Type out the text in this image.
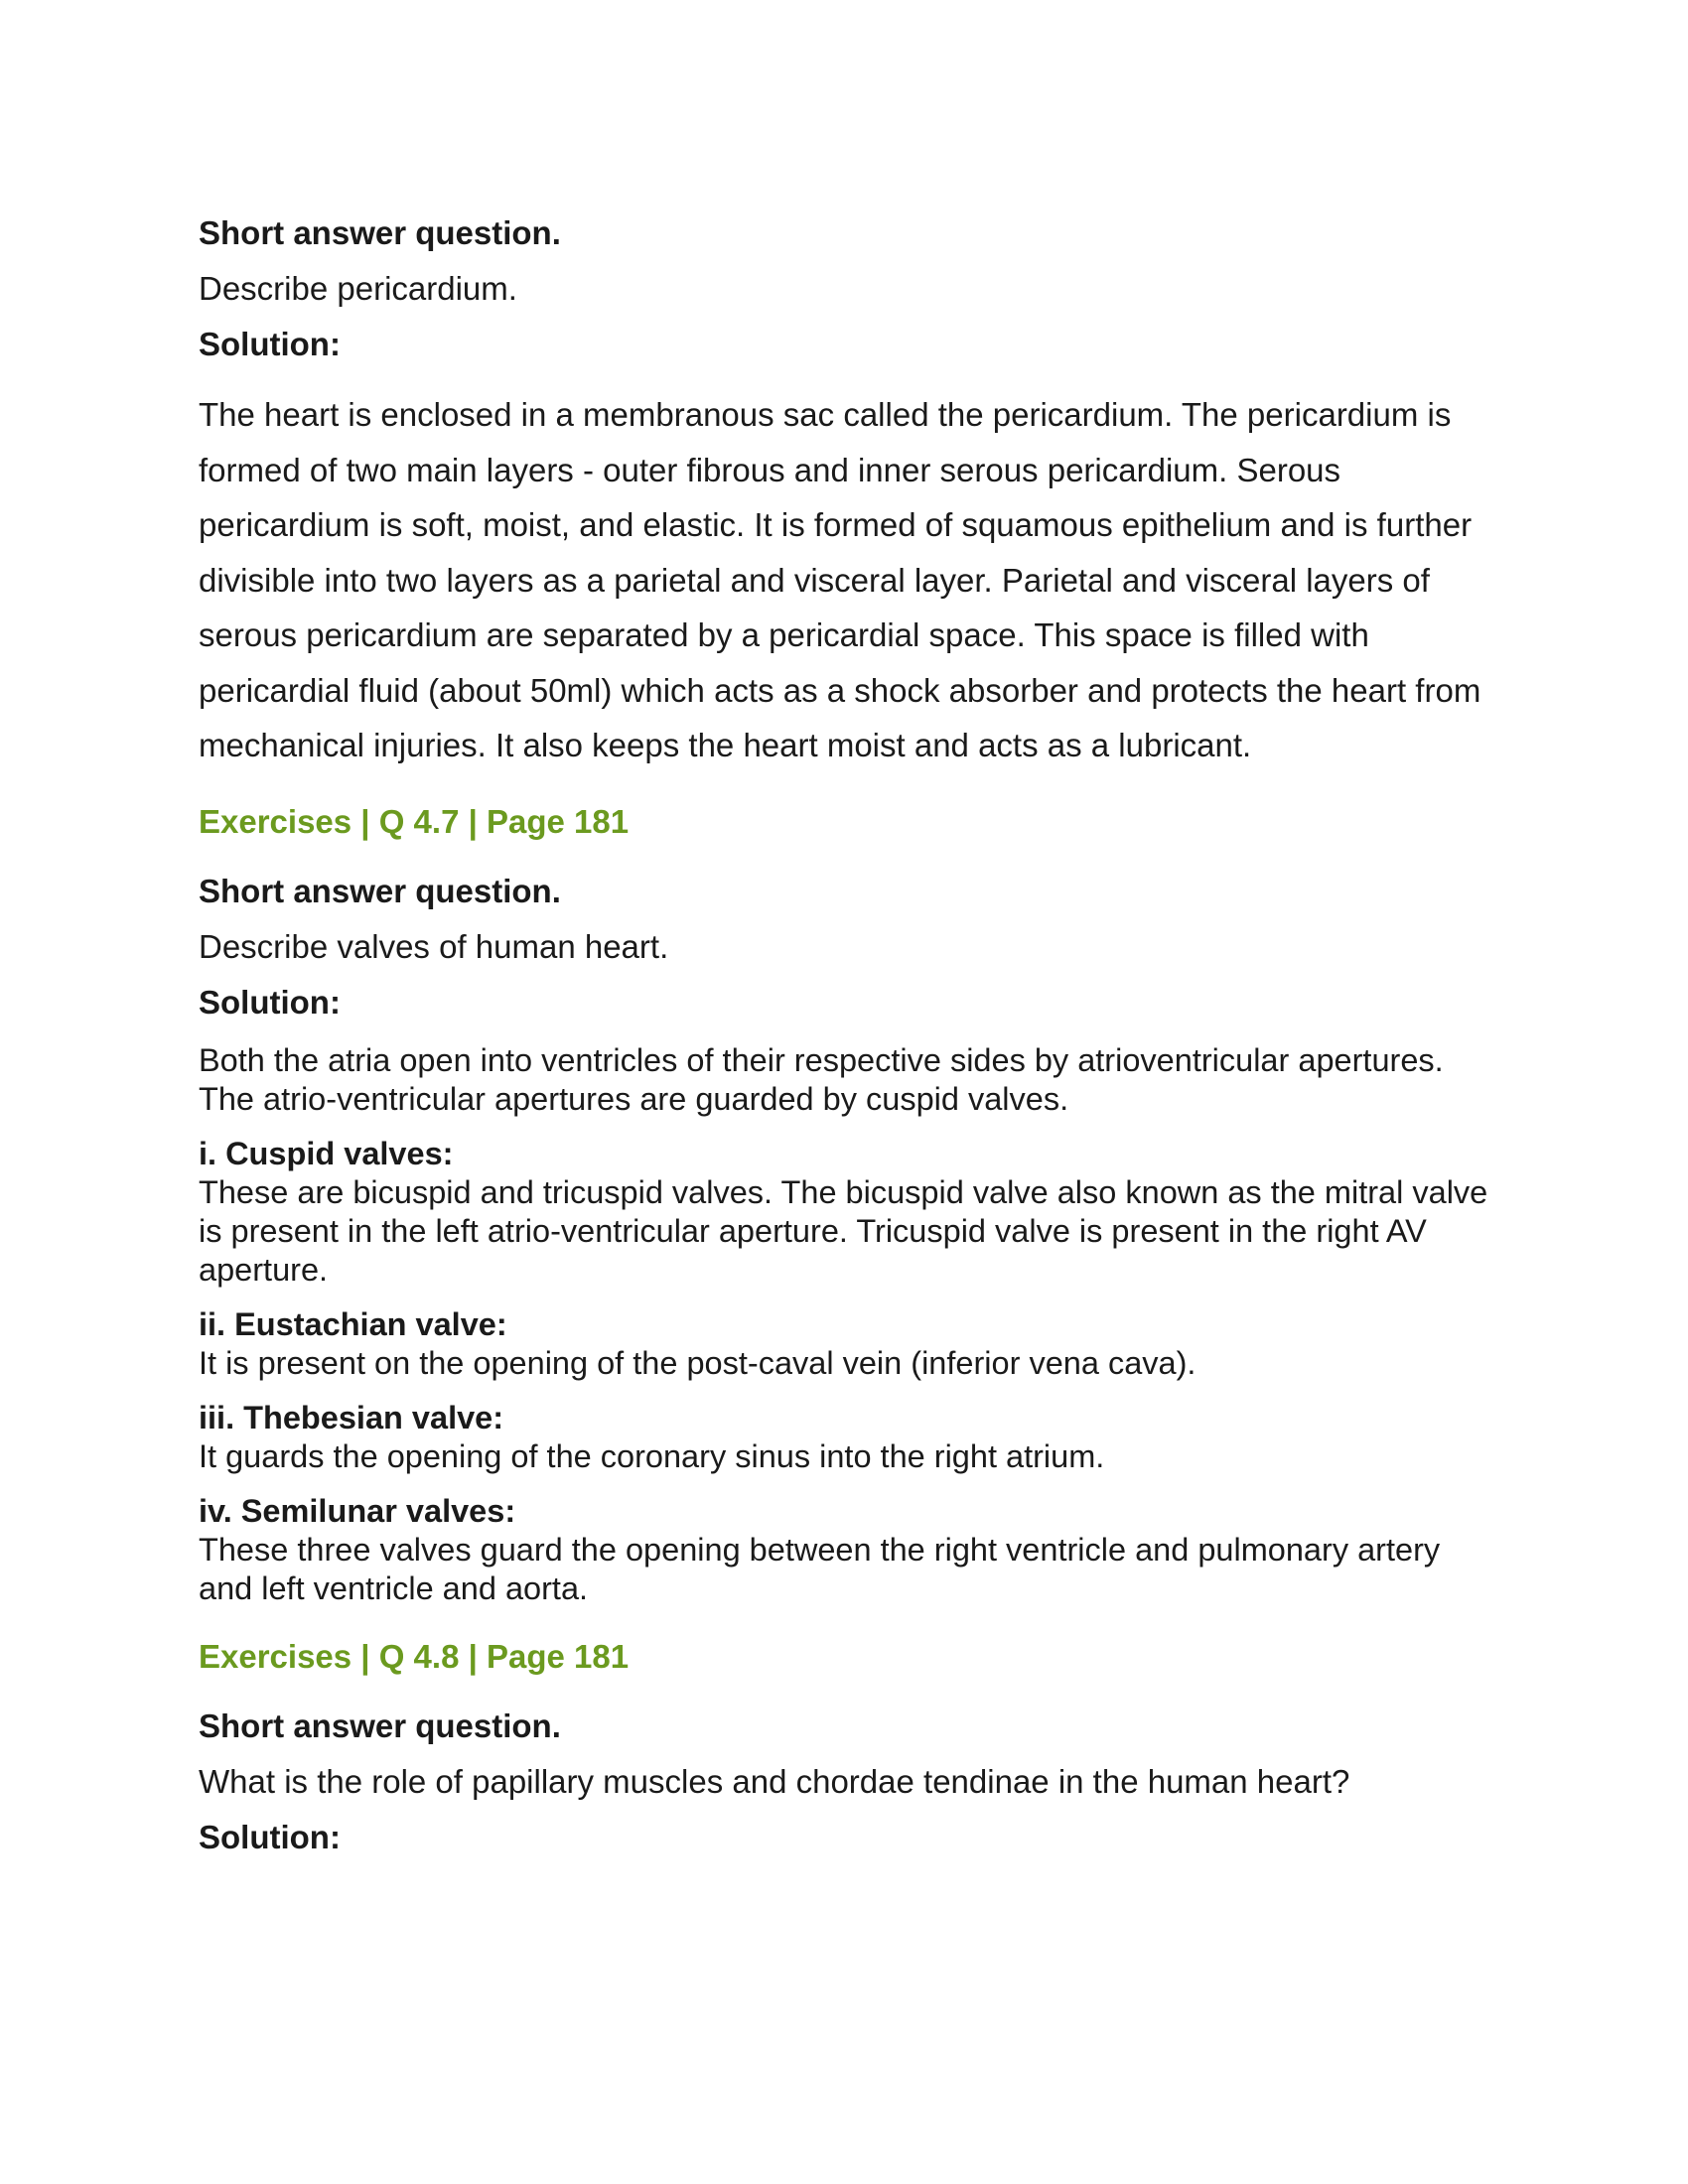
Short answer question.

Describe pericardium.

Solution:

The heart is enclosed in a membranous sac called the pericardium. The pericardium is formed of two main layers - outer fibrous and inner serous pericardium. Serous pericardium is soft, moist, and elastic. It is formed of squamous epithelium and is further divisible into two layers as a parietal and visceral layer. Parietal and visceral layers of serous pericardium are separated by a pericardial space. This space is filled with pericardial fluid (about 50ml) which acts as a shock absorber and protects the heart from mechanical injuries. It also keeps the heart moist and acts as a lubricant.

Exercises | Q 4.7 | Page 181

Short answer question.

Describe valves of human heart.

Solution:

Both the atria open into ventricles of their respective sides by atrioventricular apertures. The atrio-ventricular apertures are guarded by cuspid valves.

i. Cuspid valves:

These are bicuspid and tricuspid valves. The bicuspid valve also known as the mitral valve is present in the left atrio-ventricular aperture. Tricuspid valve is present in the right AV aperture.

ii. Eustachian valve:

It is present on the opening of the post-caval vein (inferior vena cava).

iii. Thebesian valve:

It guards the opening of the coronary sinus into the right atrium.

iv. Semilunar valves:

These three valves guard the opening between the right ventricle and pulmonary artery and left ventricle and aorta.

Exercises | Q 4.8 | Page 181

Short answer question.

What is the role of papillary muscles and chordae tendinae in the human heart?

Solution:
